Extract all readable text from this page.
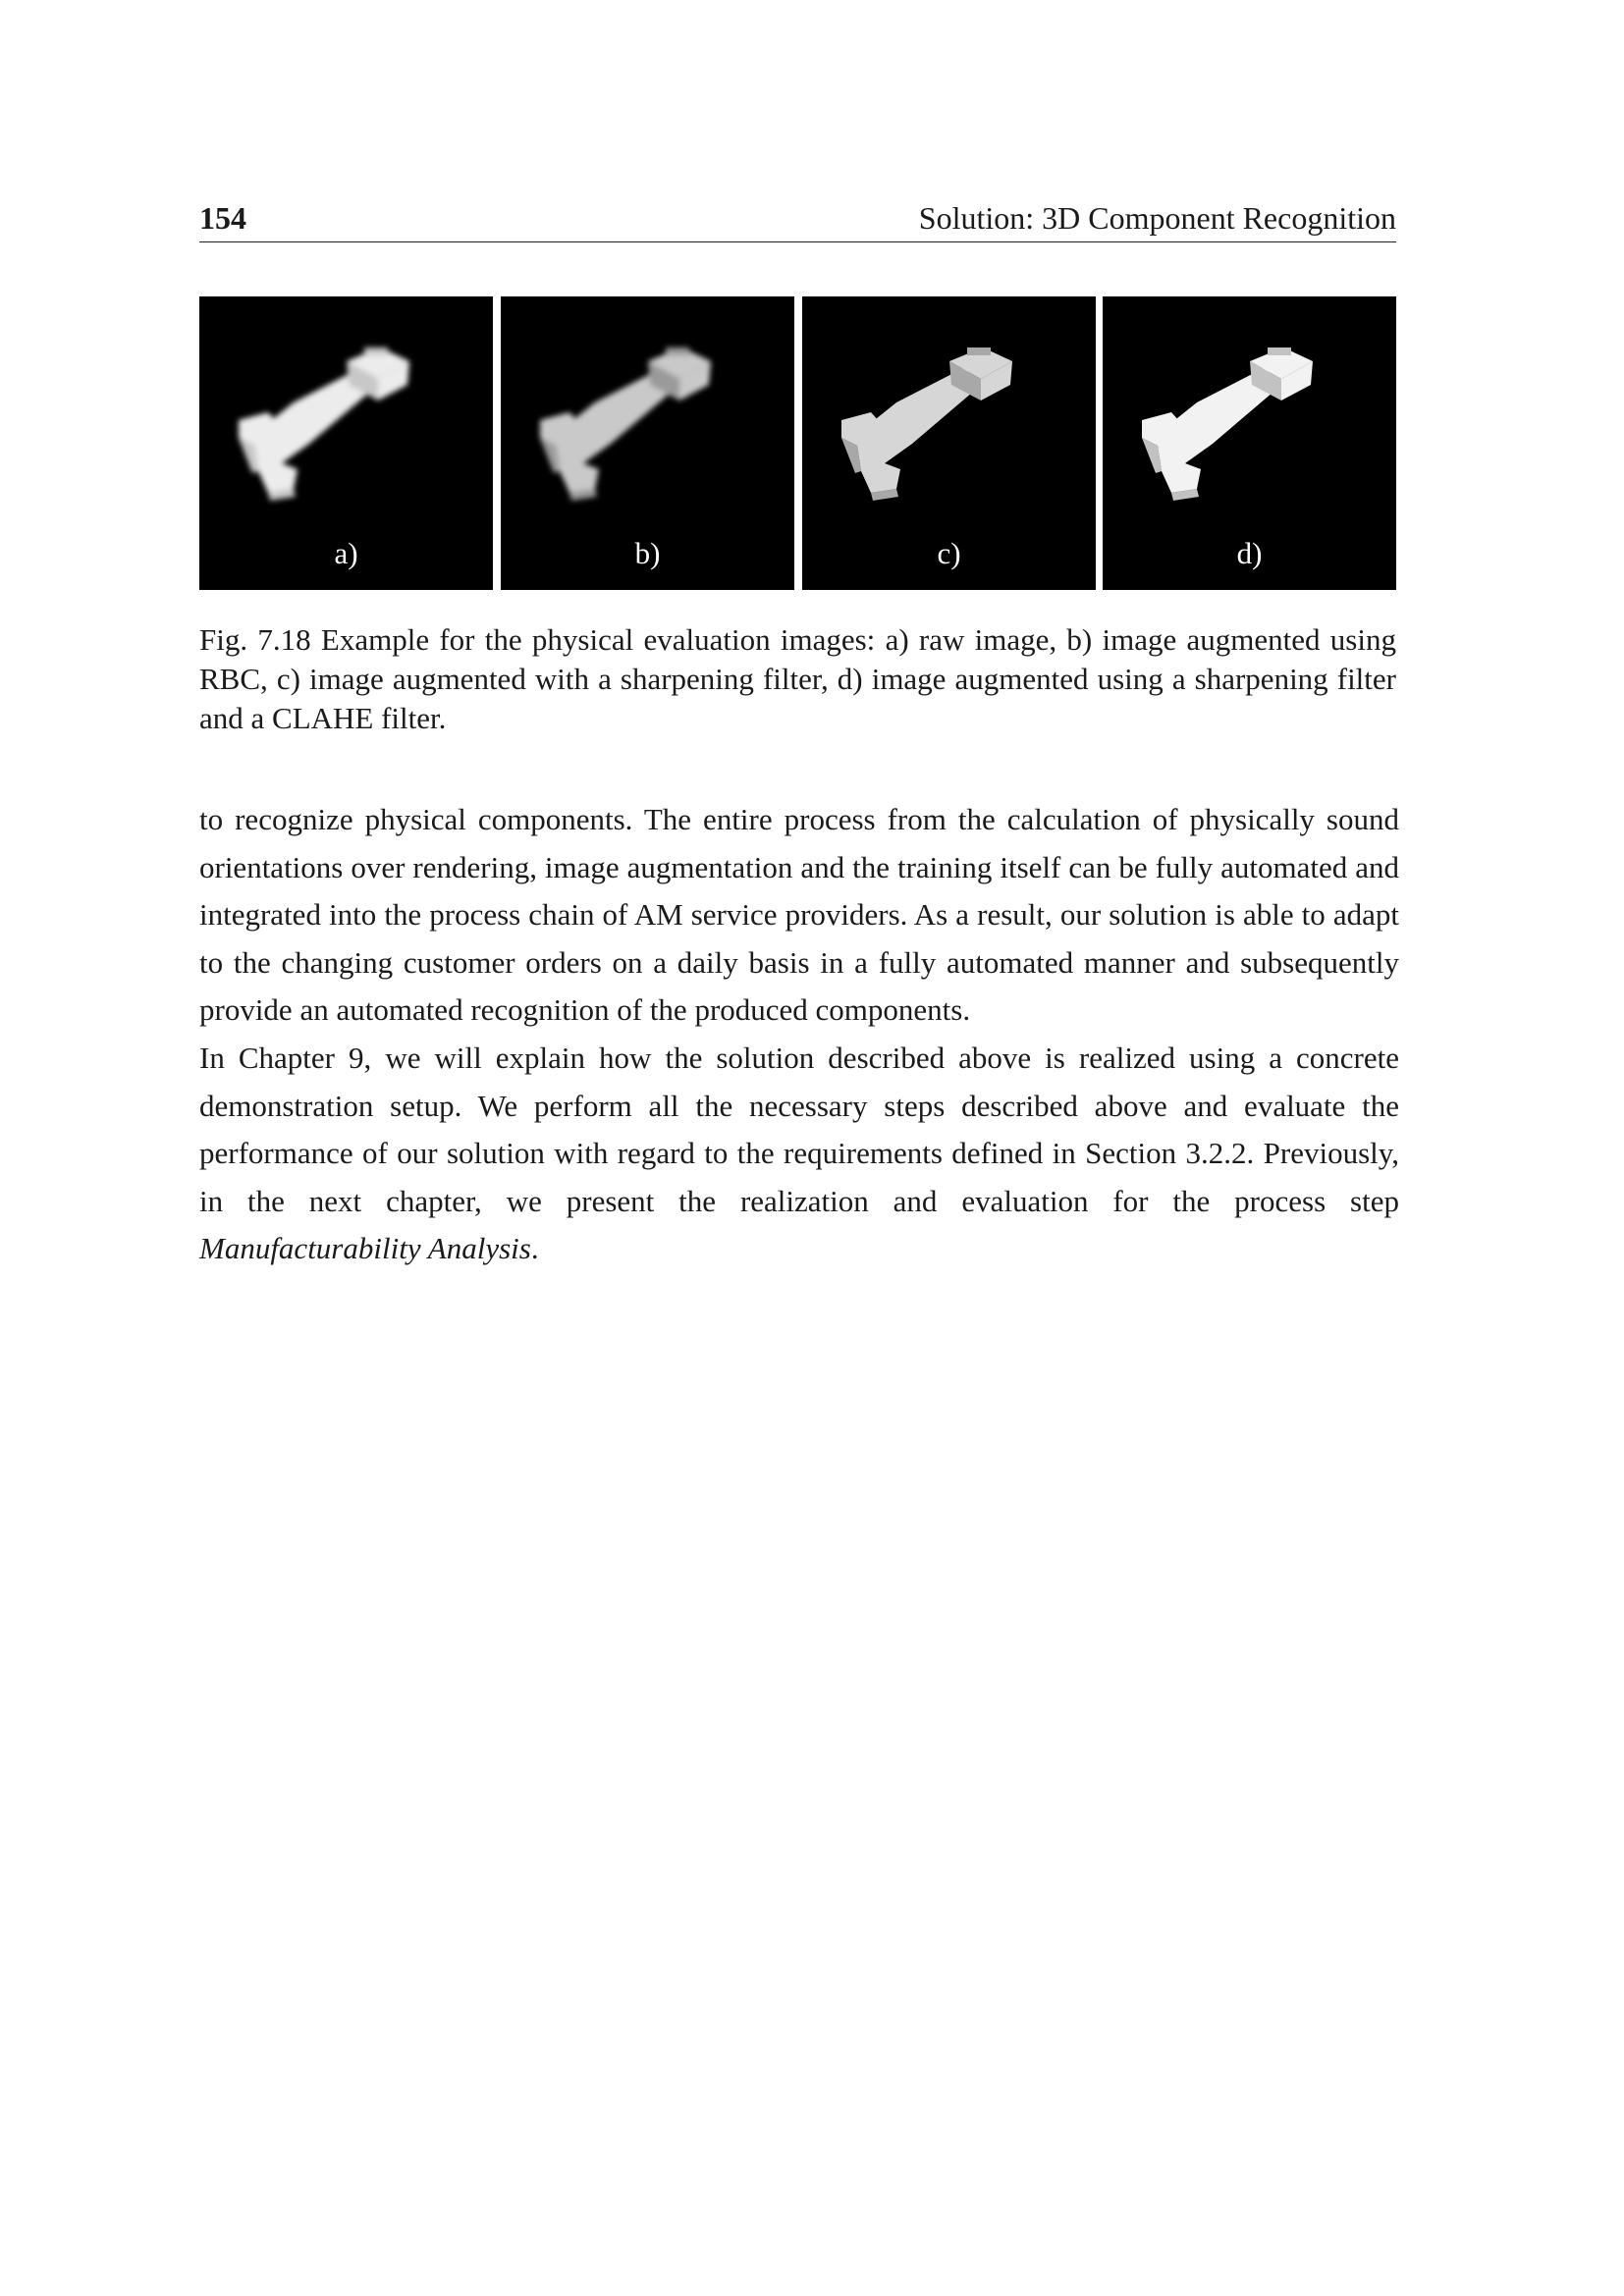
154	Solution: 3D Component Recognition
a)	b)	c)	d)
Fig. 7.18 Example for the physical evaluation images: a) raw image, b) image augmented using RBC, c) image augmented with a sharpening filter, d) image augmented using a sharpening filter and a CLAHE filter.

to recognize physical components. The entire process from the calculation of physically sound orientations over rendering, image augmentation and the training itself can be fully automated and integrated into the process chain of AM service providers. As a result, our solution is able to adapt to the changing customer orders on a daily basis in a fully automated manner and subsequently provide an automated recognition of the produced components.

In Chapter 9, we will explain how the solution described above is realized using a concrete demonstration setup. We perform all the necessary steps described above and evaluate the performance of our solution with regard to the requirements defined in Section 3.2.2. Previously, in the next chapter, we present the realization and evaluation for the process step Manufacturability Analysis.
